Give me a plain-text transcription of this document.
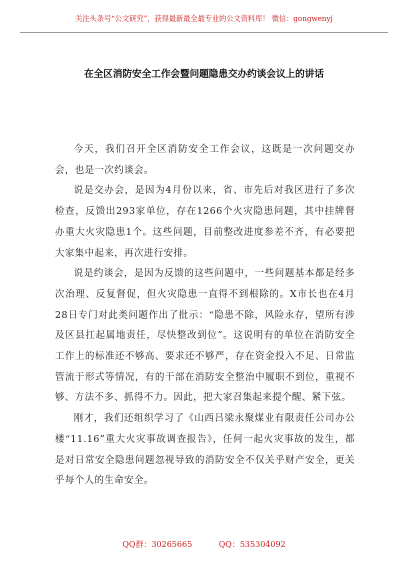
关注头条号“公文研究”，获得最新最全最专业的公文资料库！ 微信：gongwenyj
在全区消防安全工作会暨问题隐患交办约谈会议上的讲话

今天，我们召开全区消防安全工作会议，这既是一次问题交办会，也是一次约谈会。

说是交办会，是因为4月份以来，省、市先后对我区进行了多次检查，反馈出293家单位，存在1266个火灾隐患问题，其中挂牌督办重大火灾隐患1个。这些问题，目前整改进度参差不齐，有必要把大家集中起来，再次进行安排。

说是约谈会，是因为反馈的这些问题中，一些问题基本都是经多次治理、反复督促，但火灾隐患一直得不到根除的。X市长也在4月28日专门对此类问题作出了批示：“隐患不除，风险永存，望所有涉及区县扛起属地责任，尽快整改到位”。这说明有的单位在消防安全工作上的标准还不够高、要求还不够严，存在资金投入不足、日常监管流于形式等情况，有的干部在消防安全整治中履职不到位，重视不够、方法不多、抓得不力。因此，把大家召集起来提个醒、紧下弦。

刚才，我们还组织学习了《山西吕梁永聚煤业有限责任公司办公楼“11.16”重大火灾事故调查报告》，任何一起火灾事故的发生，都是对日常安全隐患问题忽视导致的消防安全不仅关乎财产安全，更关乎每个人的生命安全。

QQ群：30265665	QQ：535304092
